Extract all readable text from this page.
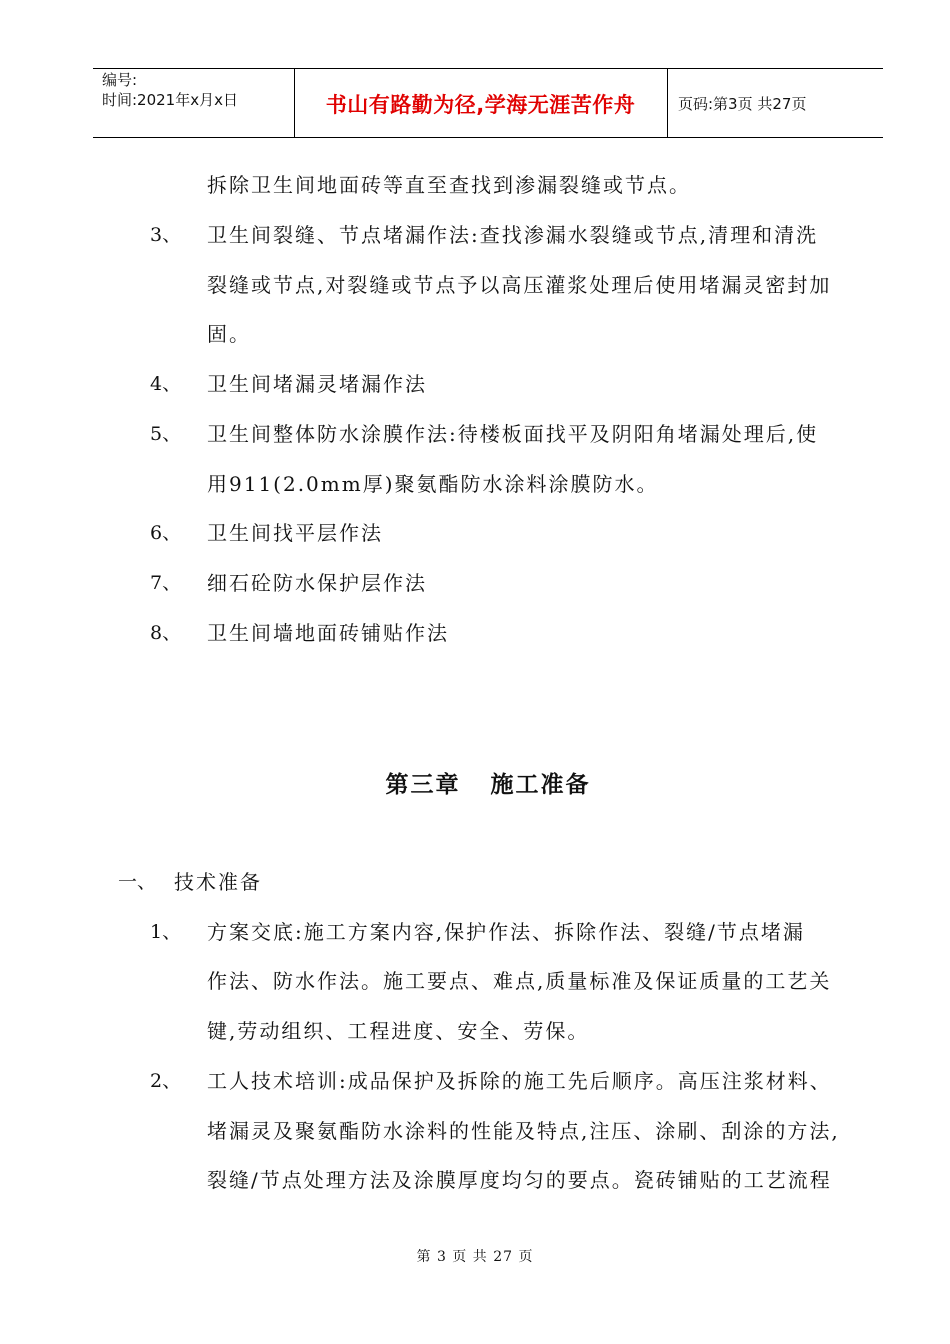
编号:
时间:2021年x月x日	书山有路勤为径,学海无涯苦作舟	页码:第3页 共27页
拆除卫生间地面砖等直至查找到渗漏裂缝或节点。
3、 卫生间裂缝、节点堵漏作法:查找渗漏水裂缝或节点,清理和清洗
裂缝或节点,对裂缝或节点予以高压灌浆处理后使用堵漏灵密封加
固。
4、 卫生间堵漏灵堵漏作法
5、 卫生间整体防水涂膜作法:待楼板面找平及阴阳角堵漏处理后,使
用911(2.0mm厚)聚氨酯防水涂料涂膜防水。
6、 卫生间找平层作法
7、 细石砼防水保护层作法
8、 卫生间墙地面砖铺贴作法
第三章   施工准备
一、 技术准备
1、 方案交底:施工方案内容,保护作法、拆除作法、裂缝/节点堵漏
作法、防水作法。施工要点、难点,质量标准及保证质量的工艺关
键,劳动组织、工程进度、安全、劳保。
2、 工人技术培训:成品保护及拆除的施工先后顺序。高压注浆材料、
堵漏灵及聚氨酯防水涂料的性能及特点,注压、涂刷、刮涂的方法,
裂缝/节点处理方法及涂膜厚度均匀的要点。瓷砖铺贴的工艺流程
第 3 页 共 27 页
